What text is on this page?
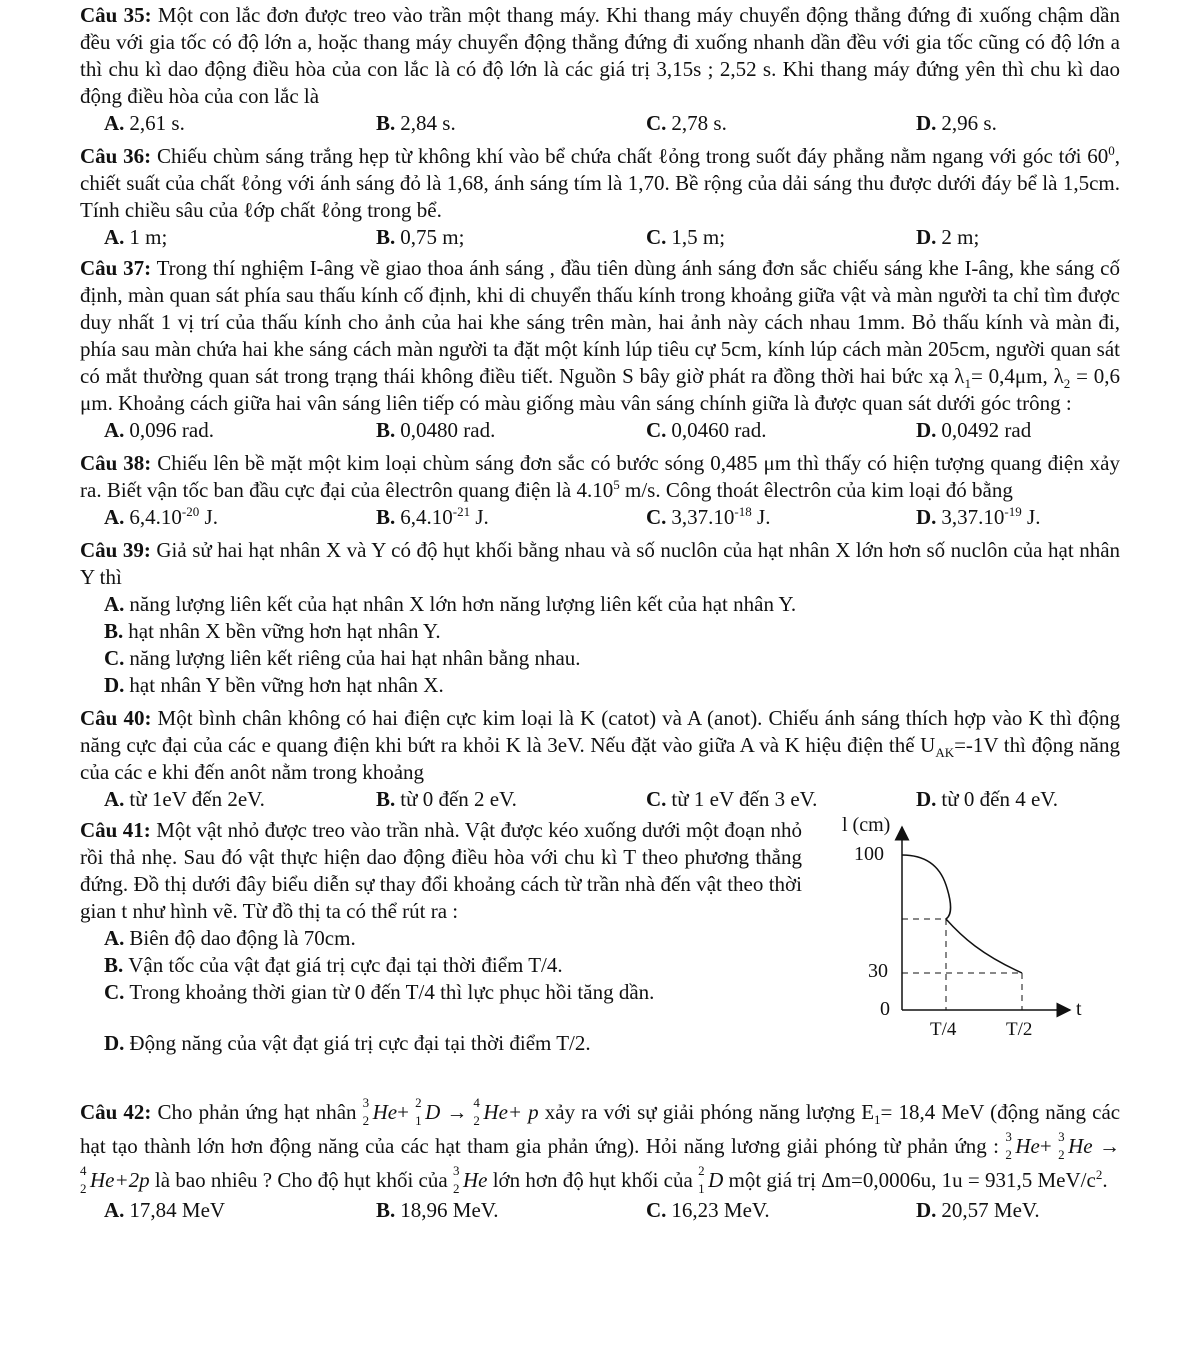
Câu 35: Một con lắc đơn được treo vào trần một thang máy. Khi thang máy chuyển động thẳng đứng đi xuống chậm dần đều với gia tốc có độ lớn a, hoặc thang máy chuyển động thẳng đứng đi xuống nhanh dần đều với gia tốc cũng có độ lớn a thì chu kì dao động điều hòa của con lắc là có độ lớn là các giá trị 3,15s ; 2,52 s. Khi thang máy đứng yên thì chu kì dao động điều hòa của con lắc là

A. 2,61 s.	B. 2,84 s.	C. 2,78 s.	D. 2,96 s.

Câu 36: Chiếu chùm sáng trắng hẹp từ không khí vào bể chứa chất ℓỏng trong suốt đáy phẳng nằm ngang với góc tới $60^0$, chiết suất của chất ℓỏng với ánh sáng đỏ là 1,68, ánh sáng tím là 1,70. Bề rộng của dải sáng thu được dưới đáy bể là 1,5cm. Tính chiều sâu của ℓớp chất ℓỏng trong bể.

A. 1 m;	B. 0,75 m;	C. 1,5 m;	D. 2 m;

Câu 37: Trong thí nghiệm I-âng về giao thoa ánh sáng , đầu tiên dùng ánh sáng đơn sắc chiếu sáng khe I-âng, khe sáng cố định, màn quan sát phía sau thấu kính cố định, khi di chuyển thấu kính trong khoảng giữa vật và màn người ta chỉ tìm được duy nhất 1 vị trí của thấu kính cho ảnh của hai khe sáng trên màn, hai ảnh này cách nhau 1mm. Bỏ thấu kính và màn đi, phía sau màn chứa hai khe sáng cách màn người ta đặt một kính lúp tiêu cự 5cm, kính lúp cách màn 205cm, người quan sát có mắt thường quan sát trong trạng thái không điều tiết. Nguồn S bây giờ phát ra đồng thời hai bức xạ $\lambda_1= 0,4\mu m$, $\lambda_2 = 0,6$ μm. Khoảng cách giữa hai vân sáng liên tiếp có màu giống màu vân sáng chính giữa là được quan sát dưới góc trông :

A. 0,096 rad.	B. 0,0480 rad.	C. 0,0460 rad.	D. 0,0492 rad

Câu 38: Chiếu lên bề mặt một kim loại chùm sáng đơn sắc có bước sóng 0,485 μm thì thấy có hiện tượng quang điện xảy ra. Biết vận tốc ban đầu cực đại của êlectrôn quang điện là 4.10$^5$ m/s. Công thoát êlectrôn của kim loại đó bằng

A. $6,4.10^{-20}$ J.	B. $6,4.10^{-21}$ J.	C. $3,37.10^{-18}$ J.	D. $3,37.10^{-19}$ J.

Câu 39: Giả sử hai hạt nhân X và Y có độ hụt khối bằng nhau và số nuclôn của hạt nhân X lớn hơn số nuclôn của hạt nhân Y thì

A. năng lượng liên kết của hạt nhân X lớn hơn năng lượng liên kết của hạt nhân Y.
B. hạt nhân X bền vững hơn hạt nhân Y.
C. năng lượng liên kết riêng của hai hạt nhân bằng nhau.
D. hạt nhân Y bền vững hơn hạt nhân X.

Câu 40: Một bình chân không có hai điện cực kim loại là K (catot) và A (anot). Chiếu ánh sáng thích hợp vào K thì động năng cực đại của các e quang điện khi bứt ra khỏi K là 3eV. Nếu đặt vào giữa A và K hiệu điện thế $U_{AK}=-1V$ thì động năng của các e khi đến anôt nằm trong khoảng

A. từ 1eV đến 2eV.	B. từ 0 đến 2 eV.	C. từ 1 eV đến 3 eV.	D. từ 0 đến 4 eV.

Câu 41: Một vật nhỏ được treo vào trần nhà. Vật được kéo xuống dưới một đoạn nhỏ rồi thả nhẹ. Sau đó vật thực hiện dao động điều hòa với chu kì T theo phương thẳng đứng. Đồ thị dưới đây biểu diễn sự thay đổi khoảng cách từ trần nhà đến vật theo thời gian t như hình vẽ. Từ đồ thị ta có thể rút ra :

A. Biên độ dao động là 70cm.
B. Vận tốc của vật đạt giá trị cực đại tại thời điểm T/4.
C. Trong khoảng thời gian từ 0 đến T/4 thì lực phục hồi tăng dần.
D. Động năng của vật đạt giá trị cực đại tại thời điểm T/2.
l (cm)
100
30
0	t
T/4	T/2

Câu 42: Cho phản ứng hạt nhân 3
2 He+ 2
1 D → 4
2 He+ p xảy ra với sự giải phóng năng lượng $E_1= 18,4$ MeV (động năng các hạt tạo thành lớn hơn động năng của các hạt tham gia phản ứng). Hỏi năng lương giải phóng từ phản ứng : 3
2 He+ 3
2 He →
4
2 He+2p là bao nhiêu ? Cho độ hụt khối của 3
2 He lớn hơn độ hụt khối của 2
1 D một giá trị Δm=0,0006u, 1u = 931,5 MeV/$c^2$.

A. 17,84 MeV	B. 18,96 MeV.	C. 16,23 MeV.	D. 20,57 MeV.
